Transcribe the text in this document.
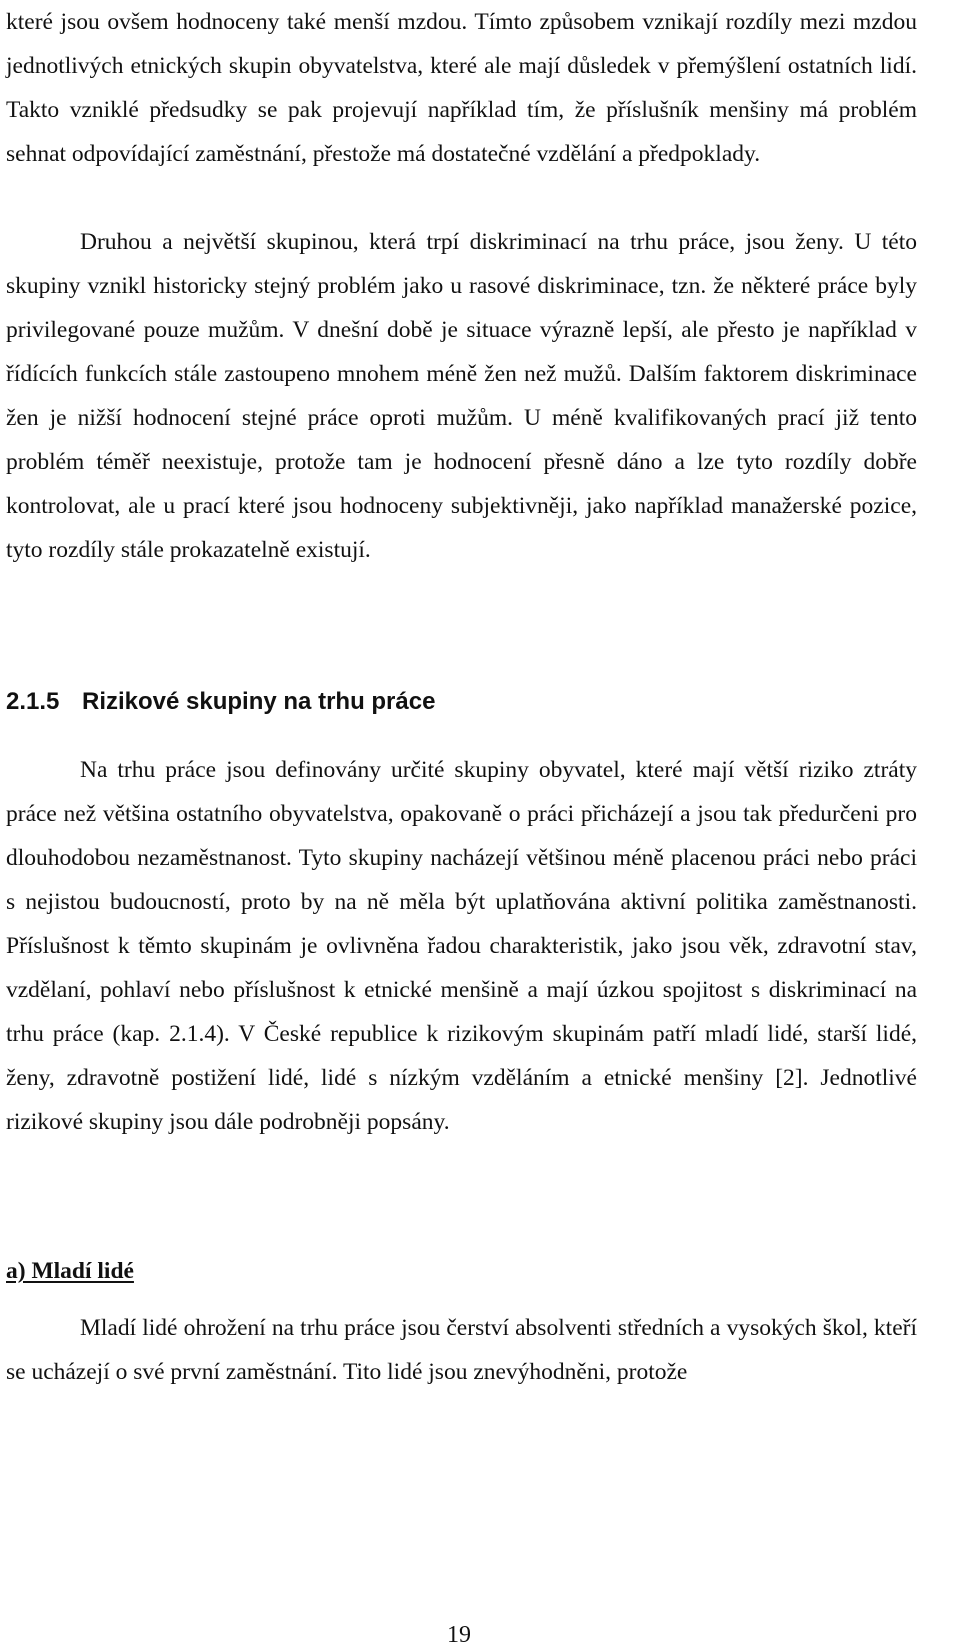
které jsou ovšem hodnoceny také menší mzdou. Tímto způsobem vznikají rozdíly mezi mzdou jednotlivých etnických skupin obyvatelstva, které ale mají důsledek v přemýšlení ostatních lidí. Takto vzniklé předsudky se pak projevují například tím, že příslušník menšiny má problém sehnat odpovídající zaměstnání, přestože má dostatečné vzdělání a předpoklady.

Druhou a největší skupinou, která trpí diskriminací na trhu práce, jsou ženy. U této skupiny vznikl historicky stejný problém jako u rasové diskriminace, tzn. že některé práce byly privilegované pouze mužům. V dnešní době je situace výrazně lepší, ale přesto je například v řídících funkcích stále zastoupeno mnohem méně žen než mužů. Dalším faktorem diskriminace žen je nižší hodnocení stejné práce oproti mužům. U méně kvalifikovaných prací již tento problém téměř neexistuje, protože tam je hodnocení přesně dáno a lze tyto rozdíly dobře kontrolovat, ale u prací které jsou hodnoceny subjektivněji, jako například manažerské pozice, tyto rozdíly stále prokazatelně existují.

2.1.5 Rizikové skupiny na trhu práce

Na trhu práce jsou definovány určité skupiny obyvatel, které mají větší riziko ztráty práce než většina ostatního obyvatelstva, opakovaně o práci přicházejí a jsou tak předurčeni pro dlouhodobou nezaměstnanost. Tyto skupiny nacházejí většinou méně placenou práci nebo práci s nejistou budoucností, proto by na ně měla být uplatňována aktivní politika zaměstnanosti. Příslušnost k těmto skupinám je ovlivněna řadou charakteristik, jako jsou věk, zdravotní stav, vzdělaní, pohlaví nebo příslušnost k etnické menšině a mají úzkou spojitost s diskriminací na trhu práce (kap. 2.1.4). V České republice k rizikovým skupinám patří mladí lidé, starší lidé, ženy, zdravotně postižení lidé, lidé s nízkým vzděláním a etnické menšiny [2]. Jednotlivé rizikové skupiny jsou dále podrobněji popsány.

a) Mladí lidé

Mladí lidé ohrožení na trhu práce jsou čerství absolventi středních a vysokých škol, kteří se ucházejí o své první zaměstnání. Tito lidé jsou znevýhodněni, protože

19
